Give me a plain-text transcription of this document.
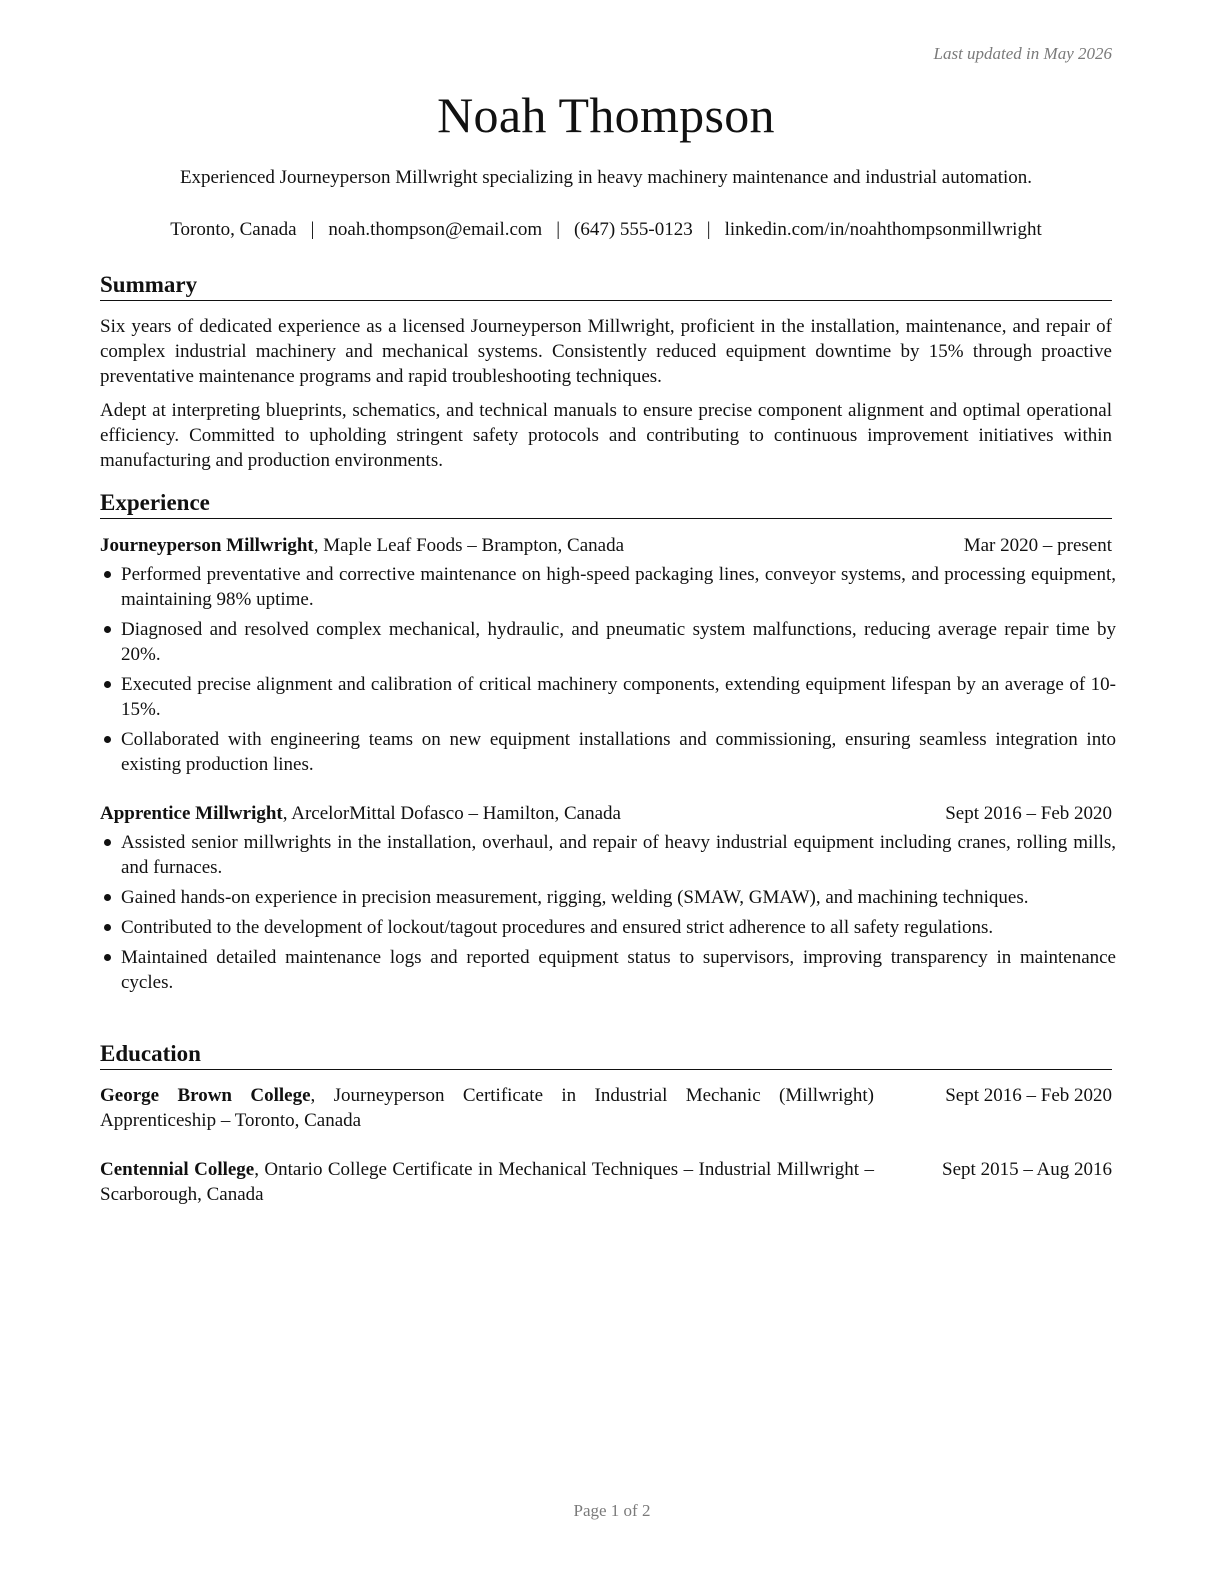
Last updated in May 2026
Noah Thompson
Experienced Journeyperson Millwright specializing in heavy machinery maintenance and industrial automation.
Toronto, Canada | noah.thompson@email.com | (647) 555-0123 | linkedin.com/in/noahthompsonmillwright
Summary
Six years of dedicated experience as a licensed Journeyperson Millwright, proficient in the installation, maintenance, and repair of complex industrial machinery and mechanical systems. Consistently reduced equipment downtime by 15% through proactive preventative maintenance programs and rapid troubleshooting techniques.
Adept at interpreting blueprints, schematics, and technical manuals to ensure precise component alignment and optimal operational efficiency. Committed to upholding stringent safety protocols and contributing to continuous improvement initiatives within manufacturing and production environments.
Experience
Journeyperson Millwright, Maple Leaf Foods – Brampton, Canada	Mar 2020 – present
Performed preventative and corrective maintenance on high-speed packaging lines, conveyor systems, and processing equipment, maintaining 98% uptime.
Diagnosed and resolved complex mechanical, hydraulic, and pneumatic system malfunctions, reducing average repair time by 20%.
Executed precise alignment and calibration of critical machinery components, extending equipment lifespan by an average of 10-15%.
Collaborated with engineering teams on new equipment installations and commissioning, ensuring seamless integration into existing production lines.
Apprentice Millwright, ArcelorMittal Dofasco – Hamilton, Canada	Sept 2016 – Feb 2020
Assisted senior millwrights in the installation, overhaul, and repair of heavy industrial equipment including cranes, rolling mills, and furnaces.
Gained hands-on experience in precision measurement, rigging, welding (SMAW, GMAW), and machining techniques.
Contributed to the development of lockout/tagout procedures and ensured strict adherence to all safety regulations.
Maintained detailed maintenance logs and reported equipment status to supervisors, improving transparency in maintenance cycles.
Education
George Brown College, Journeyperson Certificate in Industrial Mechanic (Millwright) Apprenticeship – Toronto, Canada
Sept 2016 – Feb 2020
Centennial College, Ontario College Certificate in Mechanical Techniques – Industrial Millwright – Scarborough, Canada
Sept 2015 – Aug 2016
Page 1 of 2
